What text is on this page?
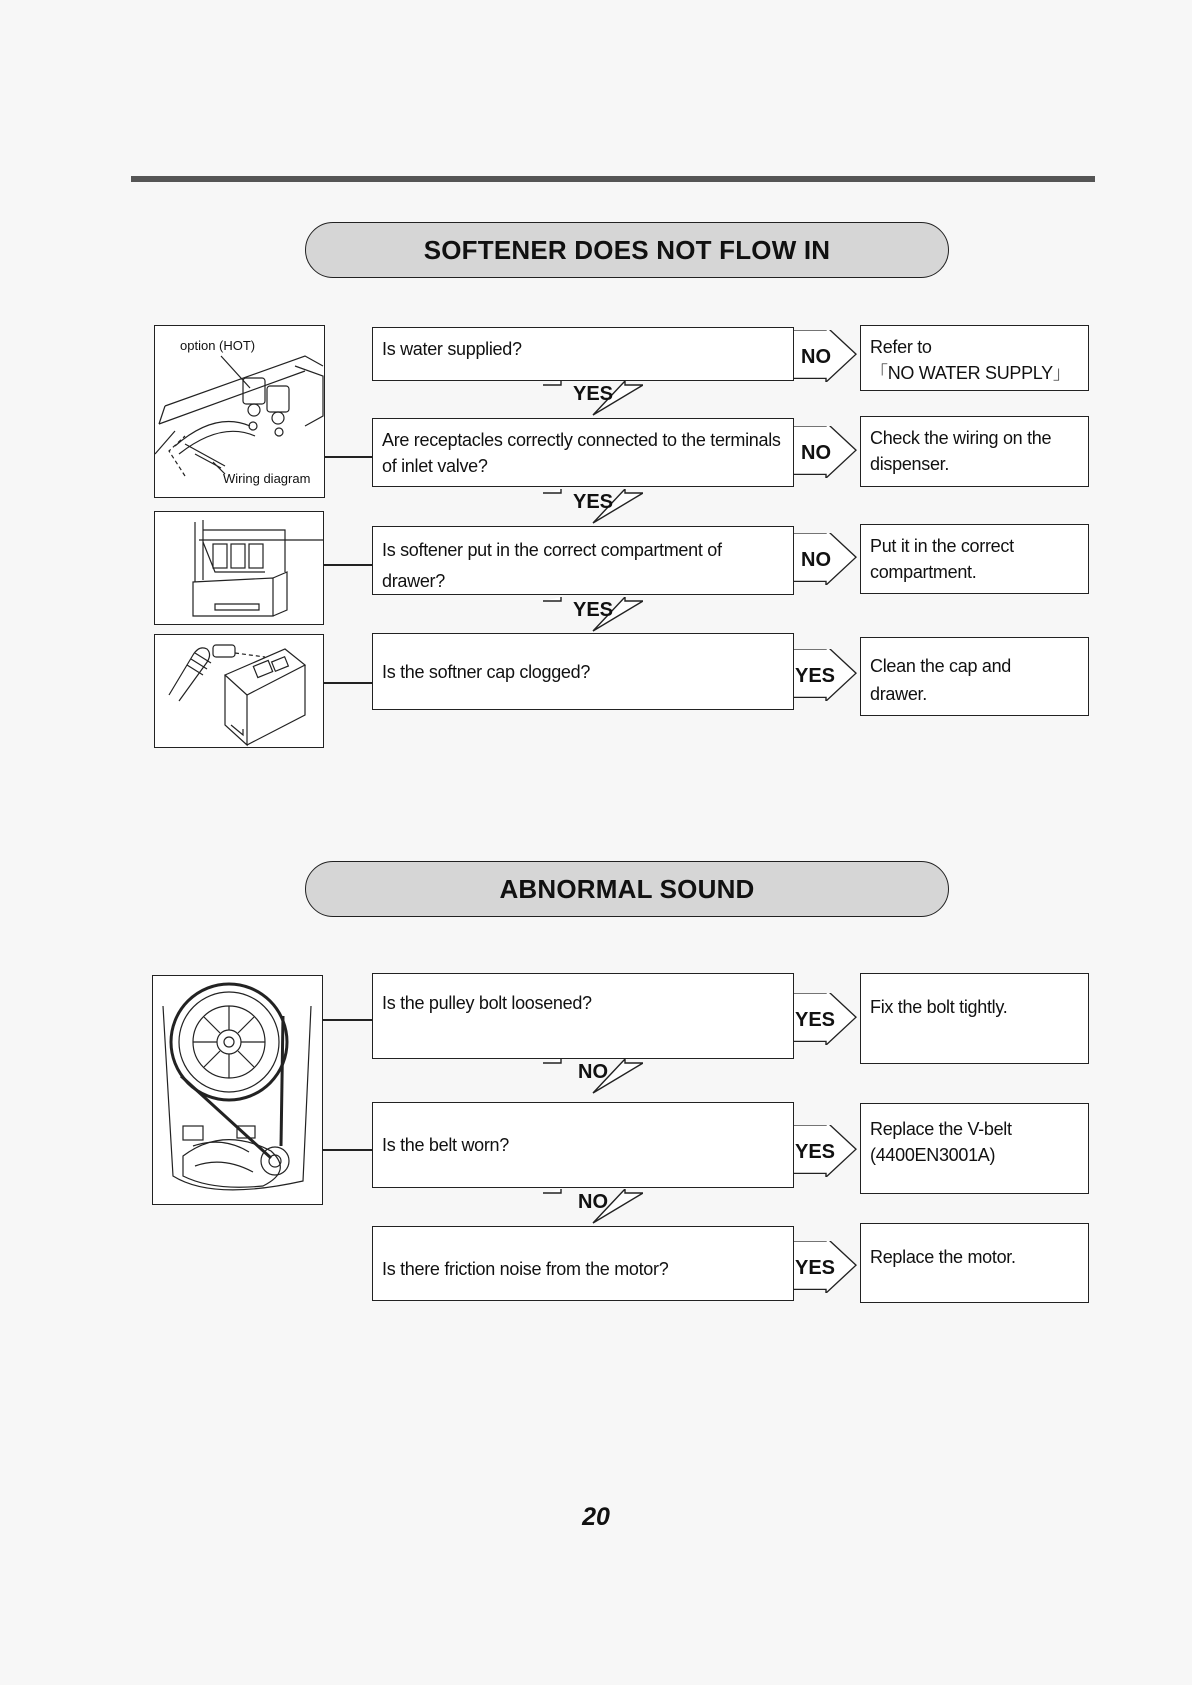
SOFTENER DOES NOT FLOW IN
option (HOT)
Wiring diagram
Is water supplied?	NO	Refer to
「NO WATER SUPPLY」
YES
Are receptacles correctly connected to the terminals
of inlet valve?
NO
Check the wiring on the
dispenser.
YES
Is softener put in the correct compartment of
drawer?
NO
Put it in the correct
compartment.
YES
Is the softner cap clogged?	YES	Clean the cap and
drawer.
ABNORMAL SOUND
Is the pulley bolt loosened?
YES
Fix the bolt tightly.
NO
Is the belt worn?	YES
Replace the V-belt
(4400EN3001A)
NO
Is there friction noise from the motor?	YES	Replace the motor.
20
